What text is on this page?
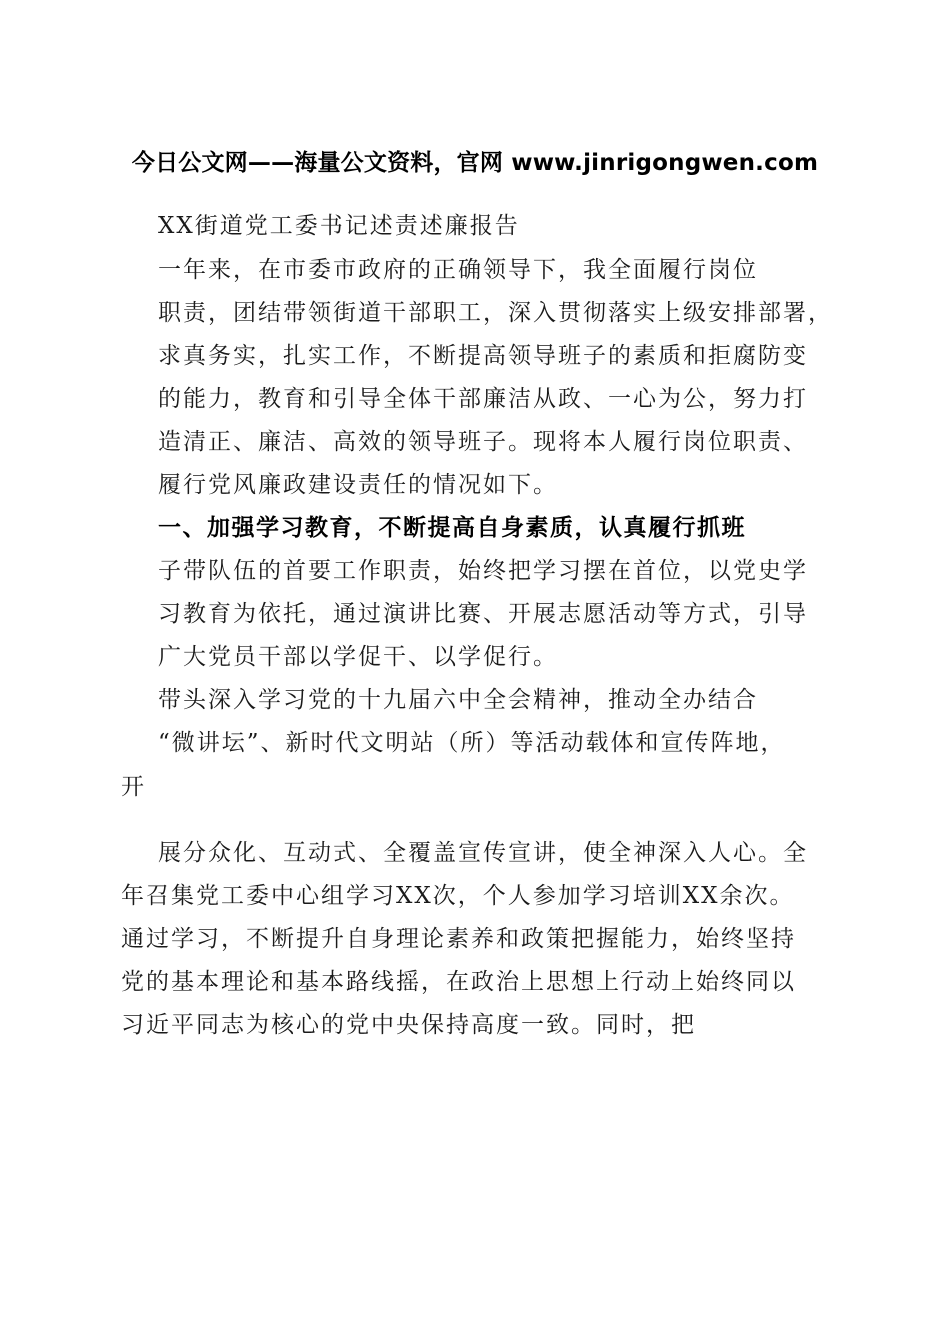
今日公文网——海量公文资料，官网 www.jinrigongwen.com
XX街道党工委书记述责述廉报告
一年来，在市委市政府的正确领导下，我全面履行岗位
职责，团结带领街道干部职工，深入贯彻落实上级安排部署，
求真务实，扎实工作，不断提高领导班子的素质和拒腐防变
的能力，教育和引导全体干部廉洁从政、一心为公，努力打
造清正、廉洁、高效的领导班子。现将本人履行岗位职责、
履行党风廉政建设责任的情况如下。
一、加强学习教育，不断提高自身素质，认真履行抓班
子带队伍的首要工作职责，始终把学习摆在首位，以党史学
习教育为依托，通过演讲比赛、开展志愿活动等方式，引导
广大党员干部以学促干、以学促行。
带头深入学习党的十九届六中全会精神，推动全办结合
“微讲坛”、新时代文明站（所）等活动载体和宣传阵地，
开
展分众化、互动式、全覆盖宣传宣讲，使全神深入人心。全
年召集党工委中心组学习XX次，个人参加学习培训XX余次。
通过学习，不断提升自身理论素养和政策把握能力，始终坚持
党的基本理论和基本路线摇，在政治上思想上行动上始终同以
习近平同志为核心的党中央保持高度一致。同时，把
